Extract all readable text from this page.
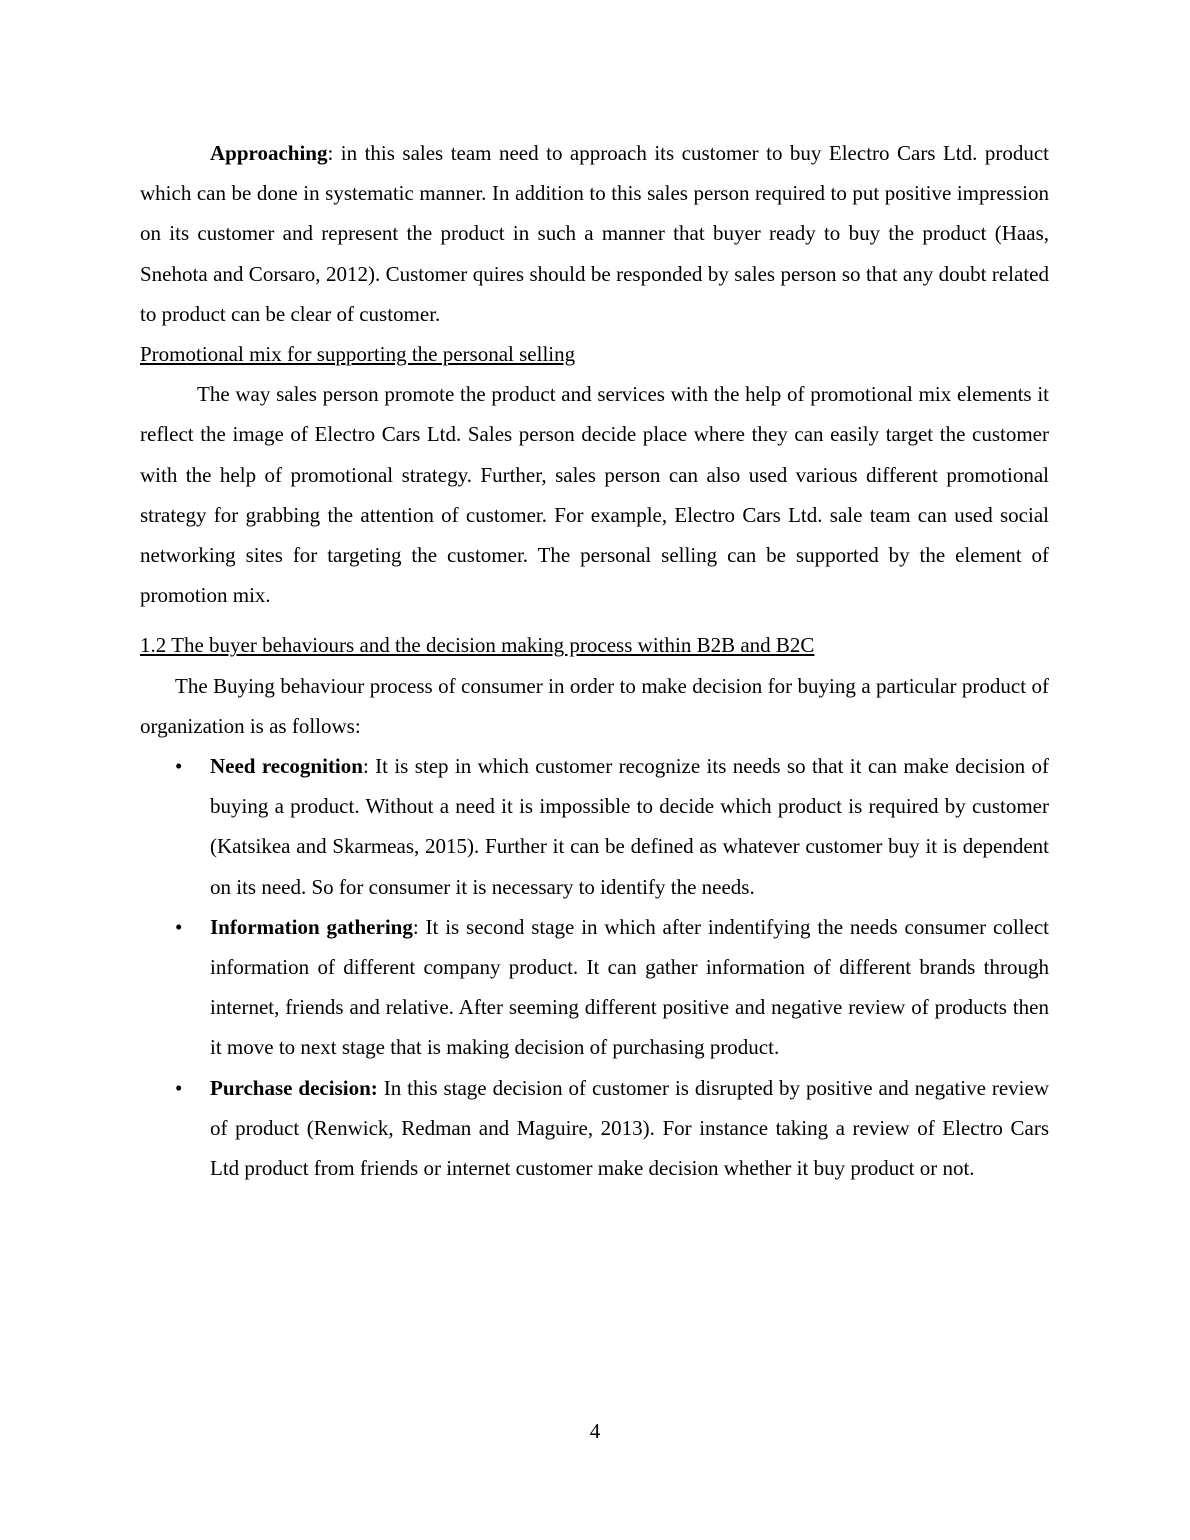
Approaching: in this sales team need to approach its customer to buy Electro Cars Ltd. product which can be done in systematic manner. In addition to this sales person required to put positive impression on its customer and represent the product in such a manner that buyer ready to buy the product (Haas, Snehota and Corsaro, 2012). Customer quires should be responded by sales person so that any doubt related to product can be clear of customer.

Promotional mix for supporting the personal selling

The way sales person promote the product and services with the help of promotional mix elements it reflect the image of Electro Cars Ltd. Sales person decide place where they can easily target the customer with the help of promotional strategy. Further, sales person can also used various different promotional strategy for grabbing the attention of customer. For example, Electro Cars Ltd. sale team can used social networking sites for targeting the customer. The personal selling can be supported by the element of promotion mix.

1.2 The buyer behaviours and the decision making process within B2B and B2C

The Buying behaviour process of consumer in order to make decision for buying a particular product of organization is as follows:

• Need recognition: It is step in which customer recognize its needs so that it can make decision of buying a product. Without a need it is impossible to decide which product is required by customer (Katsikea and Skarmeas, 2015). Further it can be defined as whatever customer buy it is dependent on its need. So for consumer it is necessary to identify the needs.
• Information gathering: It is second stage in which after indentifying the needs consumer collect information of different company product. It can gather information of different brands through internet, friends and relative. After seeming different positive and negative review of products then it move to next stage that is making decision of purchasing product.
• Purchase decision: In this stage decision of customer is disrupted by positive and negative review of product (Renwick, Redman and Maguire, 2013). For instance taking a review of Electro Cars Ltd product from friends or internet customer make decision whether it buy product or not.
4
